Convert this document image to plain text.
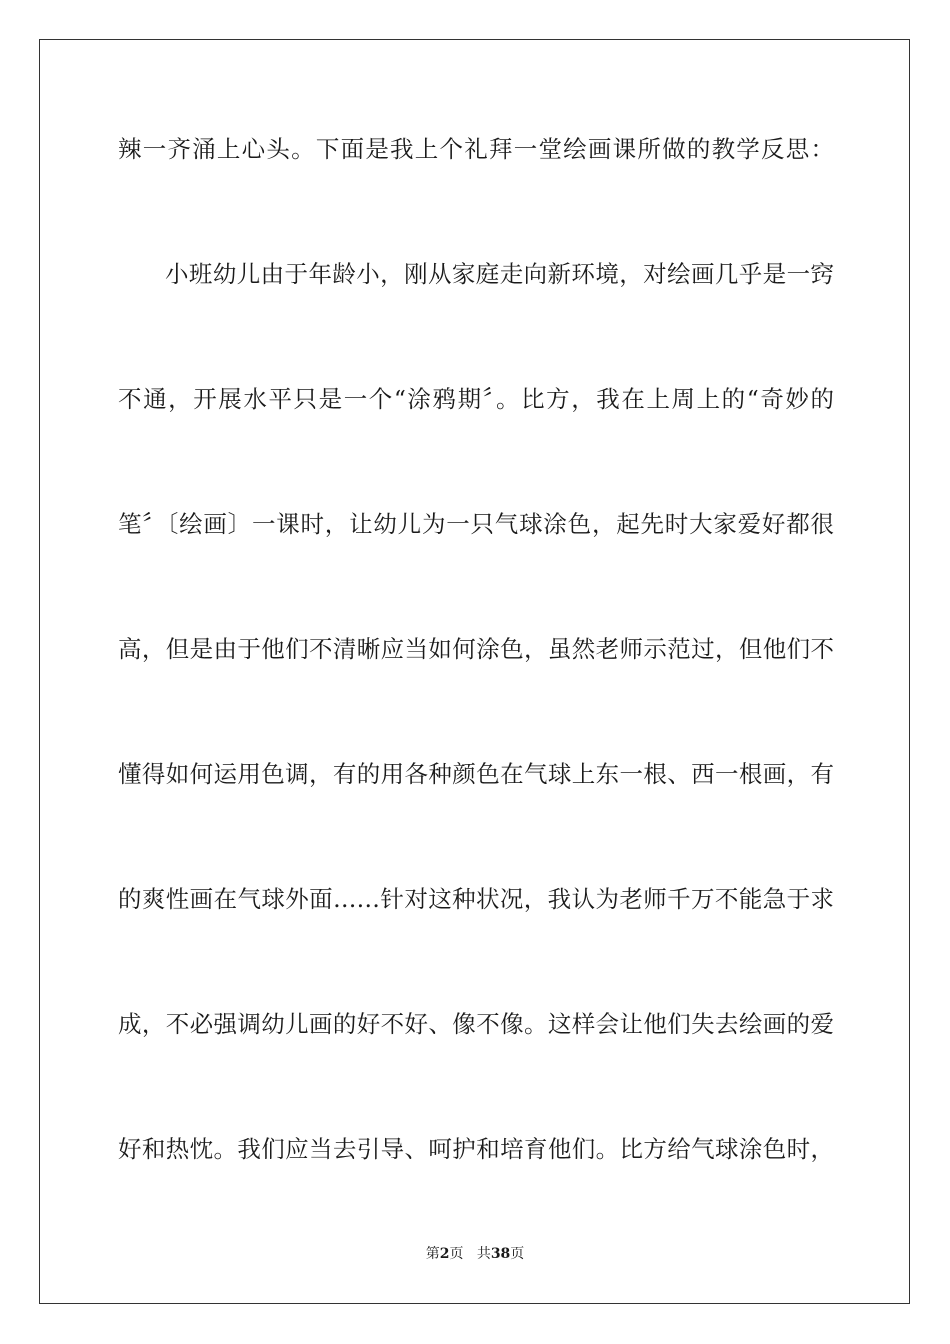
辣一齐涌上心头。下面是我上个礼拜一堂绘画课所做的教学反思：
小班幼儿由于年龄小，刚从家庭走向新环境，对绘画几乎是一窍
不通，开展水平只是一个“涂鸦期〞。比方，我在上周上的“奇妙的
笔〞〔绘画〕一课时，让幼儿为一只气球涂色，起先时大家爱好都很
高，但是由于他们不清晰应当如何涂色，虽然老师示范过，但他们不
懂得如何运用色调，有的用各种颜色在气球上东一根、西一根画，有
的爽性画在气球外面……针对这种状况，我认为老师千万不能急于求
成，不必强调幼儿画的好不好、像不像。这样会让他们失去绘画的爱
好和热忱。我们应当去引导、呵护和培育他们。比方给气球涂色时，
第2页 共38页
